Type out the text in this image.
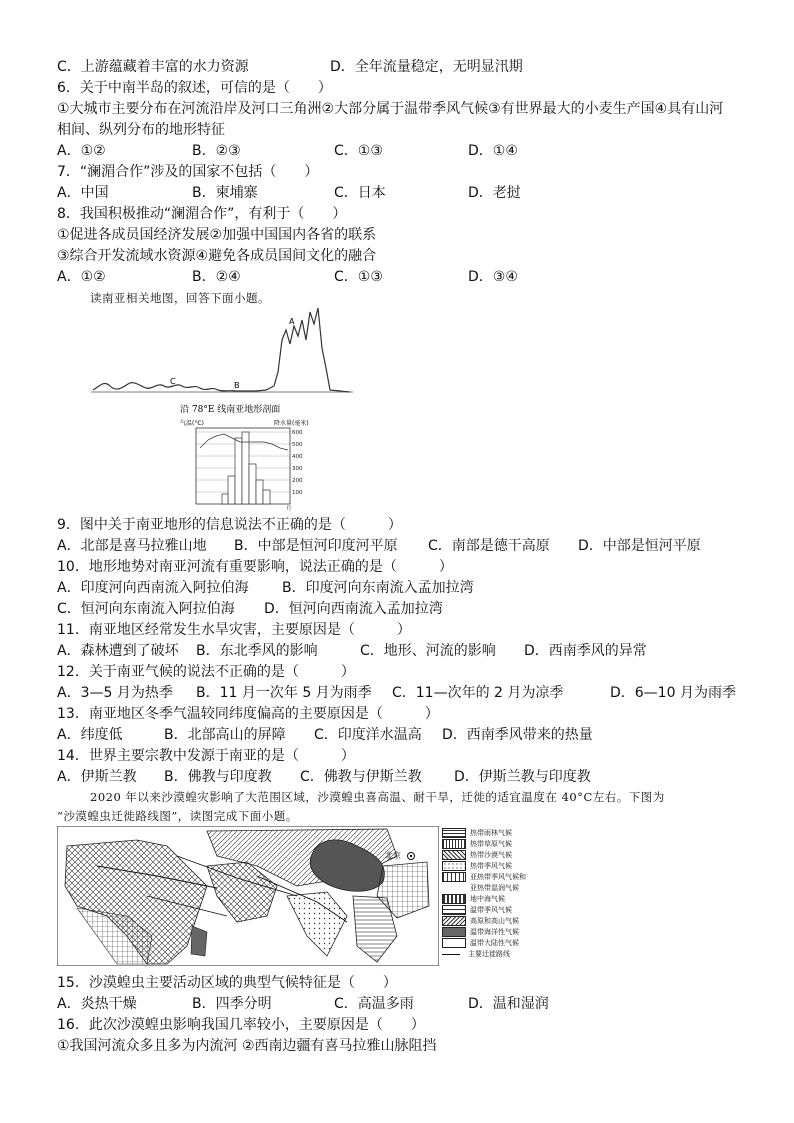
C．上游蕴藏着丰富的水力资源	D．全年流量稳定，无明显汛期
6．关于中南半岛的叙述，可信的是（　　）
①大城市主要分布在河流沿岸及河口三角洲②大部分属于温带季风气候③有世界最大的小麦生产国④具有山河
相间、纵列分布的地形特征
A．①②	B．②③	C．①③	D．①④
7．“澜湄合作”涉及的国家不包括（　　）
A．中国	B．柬埔寨	C．日本	D．老挝
8．我国积极推动“澜湄合作”，有利于（　　）
①促进各成员国经济发展②加强中国国内各省的联系
③综合开发流域水资源④避免各成员国间文化的融合
A．①②	B．②④	C．①③	D．③④
读南亚相关地图，回答下面小题。
A
B
C
沿 78°E 线南亚地形剖面
气温(°C)	降水量(毫米)
600
500
400
300
200
100
月
9．图中关于南亚地形的信息说法不正确的是（　　　）
A．北部是喜马拉雅山地 B．中部是恒河印度河平原 C．南部是德干高原 D．中部是恒河平原
10．地形地势对南亚河流有重要影响，说法正确的是（　　　）
A．印度河向西南流入阿拉伯海 B．印度河向东南流入孟加拉湾
C．恒河向东南流入阿拉伯海 D．恒河向西南流入孟加拉湾
11．南亚地区经常发生水旱灾害，主要原因是（　　　）
A．森林遭到了破坏 B．东北季风的影响	C．地形、河流的影响 D．西南季风的异常
12．关于南亚气候的说法不正确的是（　　　）
A．3—5 月为热季 B．11 月一次年 5 月为雨季 C．11—次年的 2 月为凉季	D．6—10 月为雨季
13．南亚地区冬季气温较同纬度偏高的主要原因是（　　　）
A．纬度低	B．北部高山的屏障 C．印度洋水温高 D．西南季风带来的热量
14．世界主要宗教中发源于南亚的是（　　　）
A．伊斯兰教 B．佛教与印度教 C．佛教与伊斯兰教 D．伊斯兰教与印度教
2020 年以来沙漠蝗灾影响了大范围区域，沙漠蝗虫喜高温、耐干旱，迁徙的适宜温度在 40°C左右。下图为
“沙漠蝗虫迁徙路线图”，读图完成下面小题。
北京
热带雨林气候
热带草原气候
热带沙漠气候
热带季风气候
亚热带季风气候和
亚热带湿润气候
地中海气候
温带季风气候
高原和高山气候
温带海洋性气候
温带大陆性气候
主要迁徙路线
15．沙漠蝗虫主要活动区域的典型气候特征是（　　）
A．炎热干燥	B．四季分明	C．高温多雨	D．温和湿润
16．此次沙漠蝗虫影响我国几率较小，主要原因是（　　）
①我国河流众多且多为内流河 ②西南边疆有喜马拉雅山脉阻挡
